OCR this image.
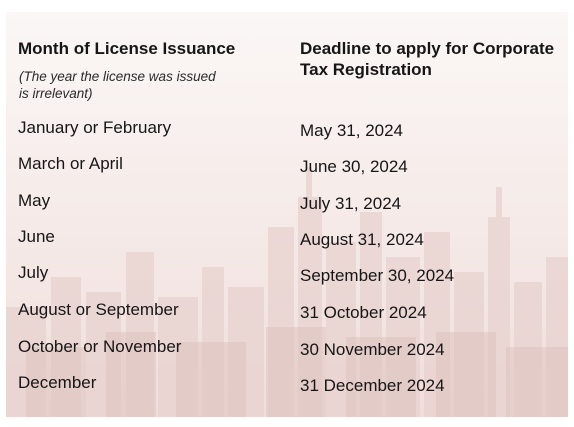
Month of License Issuance
(The year the license was issued is irrelevant)
January or February
March or April
May
June
July
August or September
October or November
December
Deadline to apply for Corporate Tax Registration
May 31, 2024
June 30, 2024
July 31, 2024
August 31, 2024
September 30, 2024
31 October 2024
30 November 2024
31 December 2024
